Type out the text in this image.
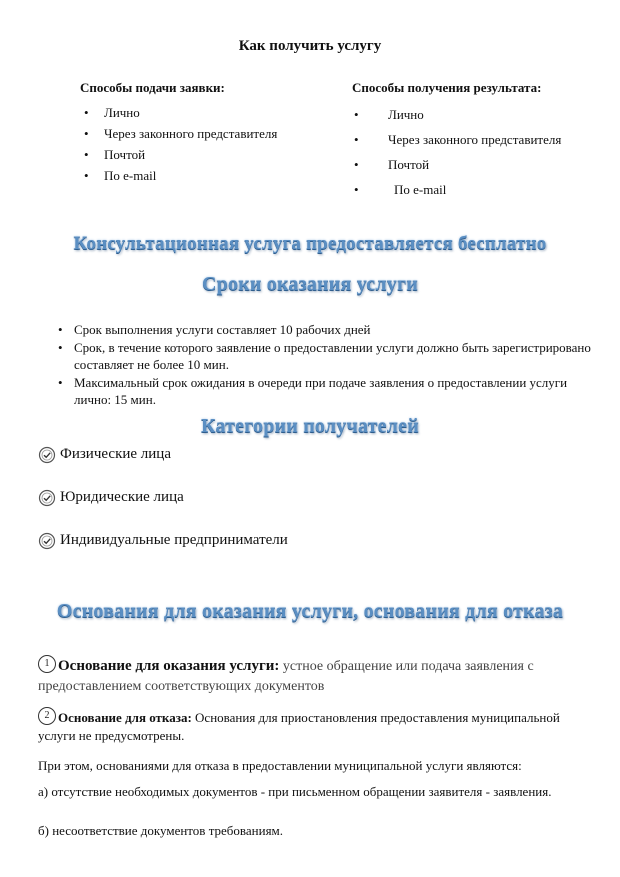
Как получить услугу
Способы подачи заявки:
• Лично
• Через законного представителя
• Почтой
• По e-mail
Способы получения результата:
• Лично
• Через законного представителя
• Почтой
•	По e-mail
Консультационная услуга предоставляется бесплатно
Сроки оказания услуги
• Срок выполнения услуги составляет 10 рабочих дней
• Срок, в течение которого заявление о предоставлении услуги должно быть зарегистрировано составляет не более 10 мин.
• Максимальный срок ожидания в очереди при подаче заявления о предоставлении услуги лично: 15 мин.
Категории получателей
Физические лица
Юридические лица
Индивидуальные предприниматели
Основания для оказания услуги, основания для отказа
1 Основание для оказания услуги: устное обращение или подача заявления с предоставлением соответствующих документов
2 Основание для отказа: Основания для приостановления предоставления муниципальной услуги не предусмотрены.
При этом, основаниями для отказа в предоставлении муниципальной услуги являются:
а) отсутствие необходимых документов - при письменном обращении заявителя - заявления.
б) несоответствие документов требованиям.
